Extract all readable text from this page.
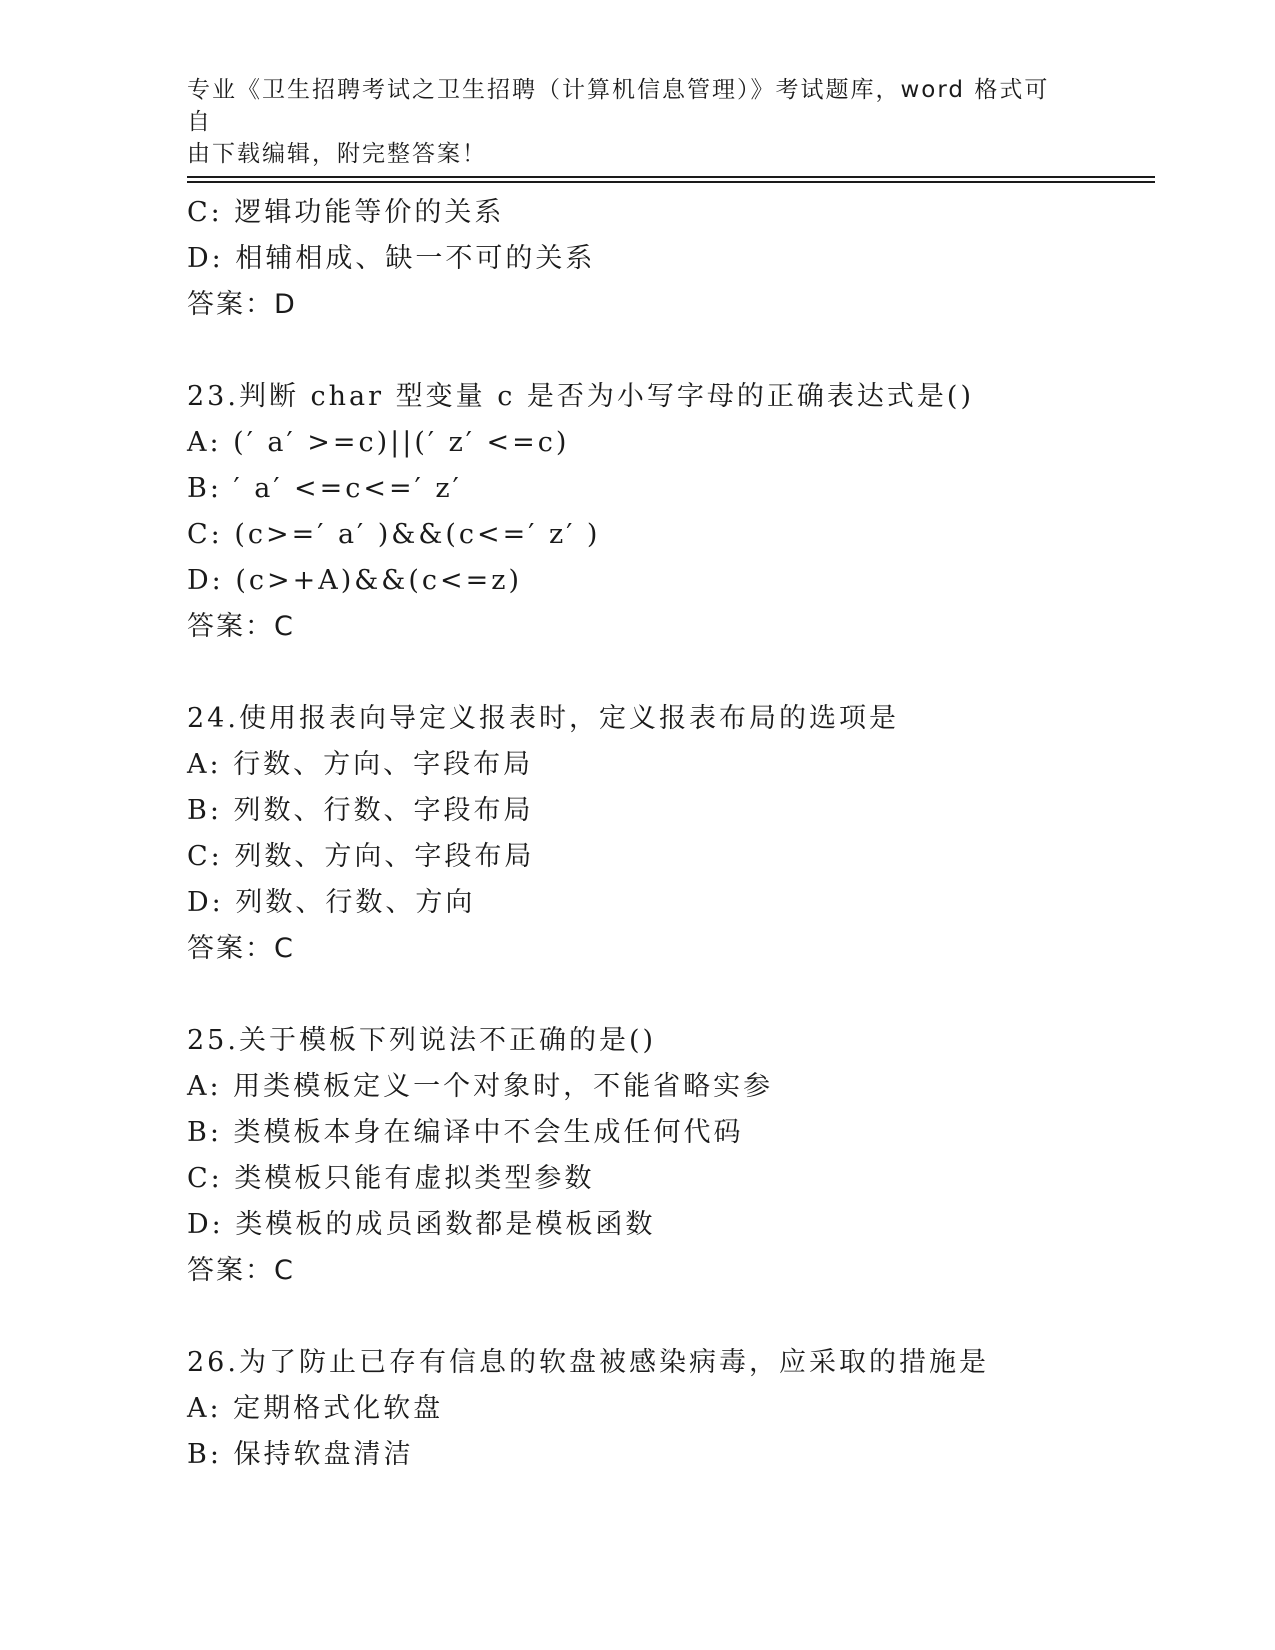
专业《卫生招聘考试之卫生招聘（计算机信息管理）》考试题库，word 格式可自
由下载编辑，附完整答案！
C: 逻辑功能等价的关系
D: 相辅相成、缺一不可的关系
答案：D
23.判断 char 型变量 c 是否为小写字母的正确表达式是()
A: (′ a′ >=c)||(′ z′ <=c)
B: ′ a′ <=c<=′ z′
C: (c>=′ a′ )&&(c<=′ z′ )
D: (c>+A)&&(c<=z)
答案：C
24.使用报表向导定义报表时，定义报表布局的选项是
A: 行数、方向、字段布局
B: 列数、行数、字段布局
C: 列数、方向、字段布局
D: 列数、行数、方向
答案：C
25.关于模板下列说法不正确的是()
A: 用类模板定义一个对象时，不能省略实参
B: 类模板本身在编译中不会生成任何代码
C: 类模板只能有虚拟类型参数
D: 类模板的成员函数都是模板函数
答案：C
26.为了防止已存有信息的软盘被感染病毒，应采取的措施是
A: 定期格式化软盘
B: 保持软盘清洁
